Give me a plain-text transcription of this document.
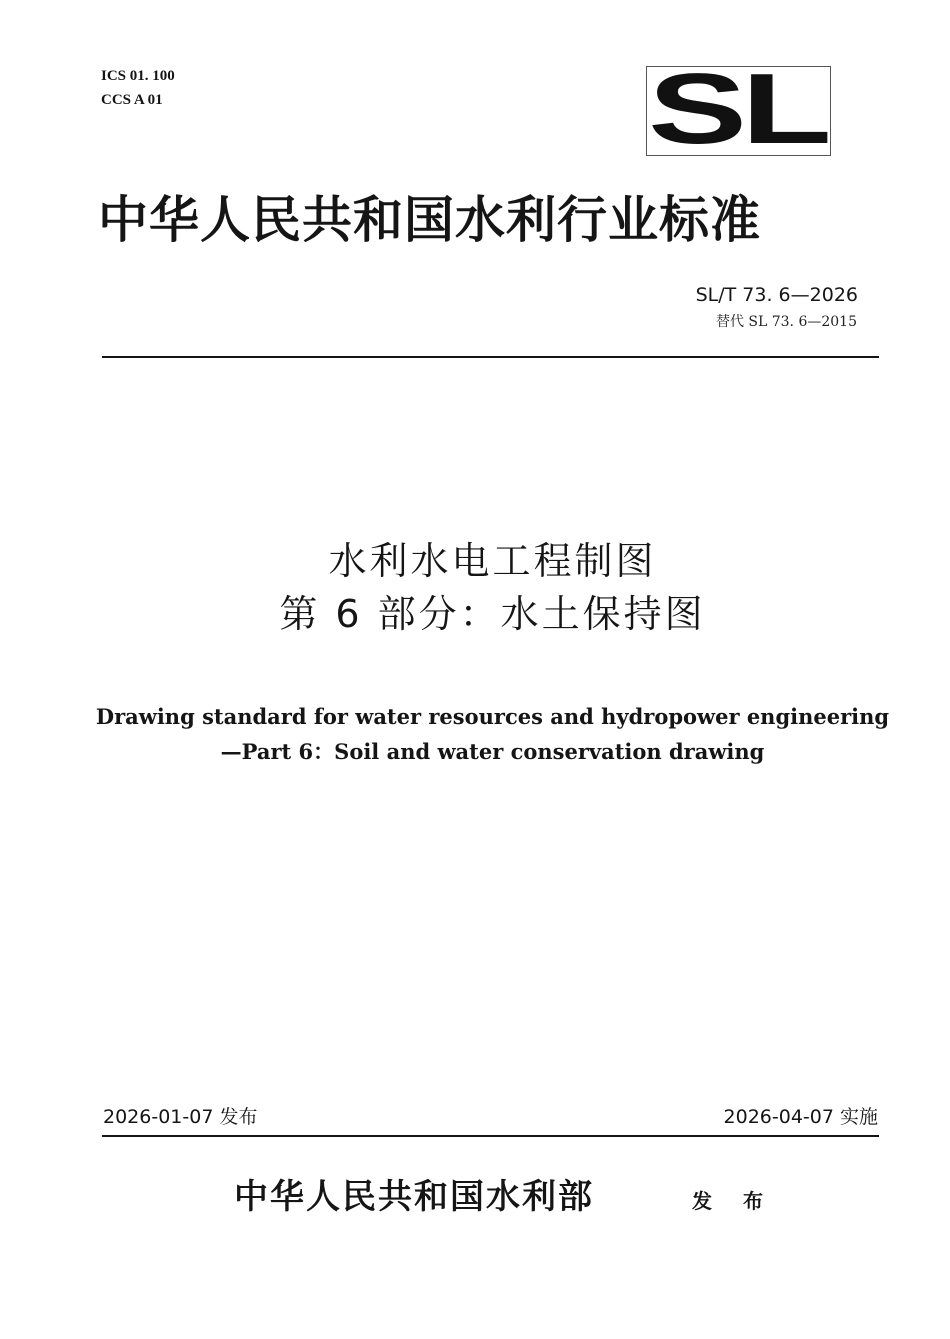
ICS 01. 100
CCS A 01	SL
中华人民共和国水利行业标准
SL/T 73. 6—2026
替代 SL 73. 6—2015
水利水电工程制图
第 6 部分：水土保持图
Drawing standard for water resources and hydropower engineering
—Part 6：Soil and water conservation drawing
2026-01-07 发布	2026-04-07 实施
中华人民共和国水利部	发 布
